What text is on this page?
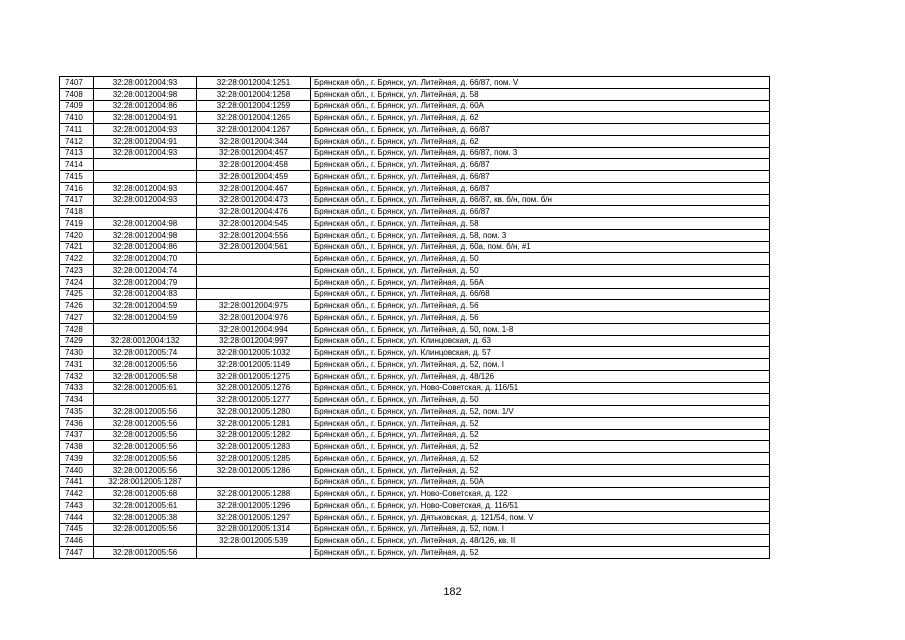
7407	32:28:0012004:93	32:28:0012004:1251	Брянская обл., г. Брянск, ул. Литейная, д. 66/87, пом. V
7408	32:28:0012004:98	32:28:0012004:1258	Брянская обл., г. Брянск, ул. Литейная, д. 58
7409	32:28:0012004:86	32:28:0012004:1259	Брянская обл., г. Брянск, ул. Литейная, д. 60А
7410	32:28:0012004:91	32:28:0012004:1265	Брянская обл., г. Брянск, ул. Литейная, д. 62
7411	32:28:0012004:93	32:28:0012004:1267	Брянская обл., г. Брянск, ул. Литейная, д. 66/87
7412	32:28:0012004:91	32:28:0012004:344	Брянская обл., г. Брянск, ул. Литейная, д. 62
7413	32:28:0012004:93	32:28:0012004:457	Брянская обл., г. Брянск, ул. Литейная, д. 66/87, пом. 3
7414		32:28:0012004:458	Брянская обл., г. Брянск, ул. Литейная, д. 66/87
7415		32:28:0012004:459	Брянская обл., г. Брянск, ул. Литейная, д. 66/87
7416	32:28:0012004:93	32:28:0012004:467	Брянская обл., г. Брянск, ул. Литейная, д. 66/87
7417	32:28:0012004:93	32:28:0012004:473	Брянская обл., г. Брянск, ул. Литейная, д. 66/87, кв. б/н, пом. б/н
7418		32:28:0012004:476	Брянская обл., г. Брянск, ул. Литейная, д. 66/87
7419	32:28:0012004:98	32:28:0012004:545	Брянская обл., г. Брянск, ул. Литейная, д. 58
7420	32:28:0012004:98	32:28:0012004:556	Брянская обл., г. Брянск, ул. Литейная, д. 58, пом. 3
7421	32:28:0012004:86	32:28:0012004:561	Брянская обл., г. Брянск, ул. Литейная, д. 60а, пом. б/н, #1
7422	32:28:0012004:70		Брянская обл., г. Брянск, ул. Литейная, д. 50
7423	32:28:0012004:74		Брянская обл., г. Брянск, ул. Литейная, д. 50
7424	32:28:0012004:79		Брянская обл., г. Брянск, ул. Литейная, д. 56А
7425	32:28:0012004:83		Брянская обл., г. Брянск, ул. Литейная, д. 66/68
7426	32:28:0012004:59	32:28:0012004:975	Брянская обл., г. Брянск, ул. Литейная, д. 56
7427	32:28:0012004:59	32:28:0012004:976	Брянская обл., г. Брянск, ул. Литейная, д. 56
7428		32:28:0012004:994	Брянская обл., г. Брянск, ул. Литейная, д. 50, пом. 1-8
7429	32:28:0012004:132	32:28:0012004:997	Брянская обл., г. Брянск, ул. Клинцовская, д. 63
7430	32:28:0012005:74	32:28:0012005:1032	Брянская обл., г. Брянск, ул. Клинцовская, д. 57
7431	32:28:0012005:56	32:28:0012005:1149	Брянская обл., г. Брянск, ул. Литейная, д. 52, пом. I
7432	32:28:0012005:58	32:28:0012005:1275	Брянская обл., г. Брянск, ул. Литейная, д. 48/126
7433	32:28:0012005:61	32:28:0012005:1276	Брянская обл., г. Брянск, ул. Ново-Советская, д. 116/51
7434		32:28:0012005:1277	Брянская обл., г. Брянск, ул. Литейная, д. 50
7435	32:28:0012005:56	32:28:0012005:1280	Брянская обл., г. Брянск, ул. Литейная, д. 52, пом. 1/V
7436	32:28:0012005:56	32:28:0012005:1281	Брянская обл., г. Брянск, ул. Литейная, д. 52
7437	32:28:0012005:56	32:28:0012005:1282	Брянская обл., г. Брянск, ул. Литейная, д. 52
7438	32:28:0012005:56	32:28:0012005:1283	Брянская обл., г. Брянск, ул. Литейная, д. 52
7439	32:28:0012005:56	32:28:0012005:1285	Брянская обл., г. Брянск, ул. Литейная, д. 52
7440	32:28:0012005:56	32:28:0012005:1286	Брянская обл., г. Брянск, ул. Литейная, д. 52
7441	32:28:0012005:1287		Брянская обл., г. Брянск, ул. Литейная, д. 50А
7442	32:28:0012005:68	32:28:0012005:1288	Брянская обл., г. Брянск, ул. Ново-Советская, д. 122
7443	32:28:0012005:61	32:28:0012005:1296	Брянская обл., г. Брянск, ул. Ново-Советская, д. 116/51
7444	32:28:0012005:38	32:28:0012005:1297	Брянская обл., г. Брянск, ул. Дятьковская, д. 121/54, пом. V
7445	32:28:0012005:56	32:28:0012005:1314	Брянская обл., г. Брянск, ул. Литейная, д. 52, пом. I
7446		32:28:0012005:539	Брянская обл., г. Брянск, ул. Литейная, д. 48/126, кв. II
7447	32:28:0012005:56		Брянская обл., г. Брянск, ул. Литейная, д. 52
182
